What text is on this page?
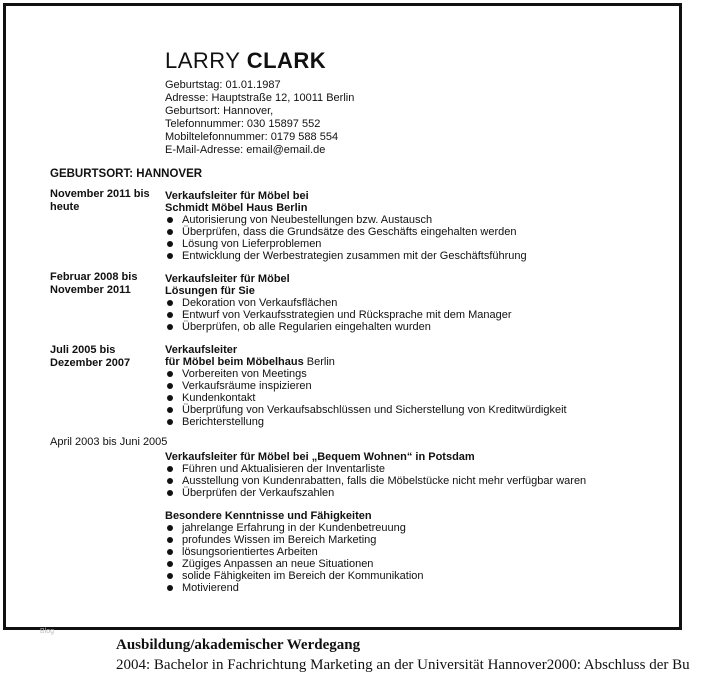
LARRY CLARK
Geburtstag: 01.01.1987
Adresse: Hauptstraße 12, 10011 Berlin
Geburtsort: Hannover,
Telefonnummer: 030 15897 552
Mobiltelefonnummer: 0179 588 554
E-Mail-Adresse: email@email.de
GEBURTSORT: HANNOVER
November 2011 bis
heute
Verkaufsleiter für Möbel bei
Schmidt Möbel Haus Berlin
Autorisierung von Neubestellungen bzw. Austausch
Überprüfen, dass die Grundsätze des Geschäfts eingehalten werden
Lösung von Lieferproblemen
Entwicklung der Werbestrategien zusammen mit der Geschäftsführung
Februar 2008 bis
November 2011
Verkaufsleiter für Möbel
Lösungen für Sie
Dekoration von Verkaufsflächen
Entwurf von Verkaufsstrategien und Rücksprache mit dem Manager
Überprüfen, ob alle Regularien eingehalten wurden
Juli 2005 bis
Dezember 2007
Verkaufsleiter
für Möbel beim Möbelhaus Berlin
Vorbereiten von Meetings
Verkaufsräume inspizieren
Kundenkontakt
Überprüfung von Verkaufsabschlüssen und Sicherstellung von Kreditwürdigkeit
Berichterstellung
April 2003 bis Juni 2005
Verkaufsleiter für Möbel bei „Bequem Wohnen“ in Potsdam
Führen und Aktualisieren der Inventarliste
Ausstellung von Kundenrabatten, falls die Möbelstücke nicht mehr verfügbar waren
Überprüfen der Verkaufszahlen
Besondere Kenntnisse und Fähigkeiten
jahrelange Erfahrung in der Kundenbetreuung
profundes Wissen im Bereich Marketing
lösungsorientiertes Arbeiten
Zügiges Anpassen an neue Situationen
solide Fähigkeiten im Bereich der Kommunikation
Motivierend
Blog
Ausbildung/akademischer Werdegang
2004: Bachelor in Fachrichtung Marketing an der Universität Hannover2000: Abschluss der Bu
